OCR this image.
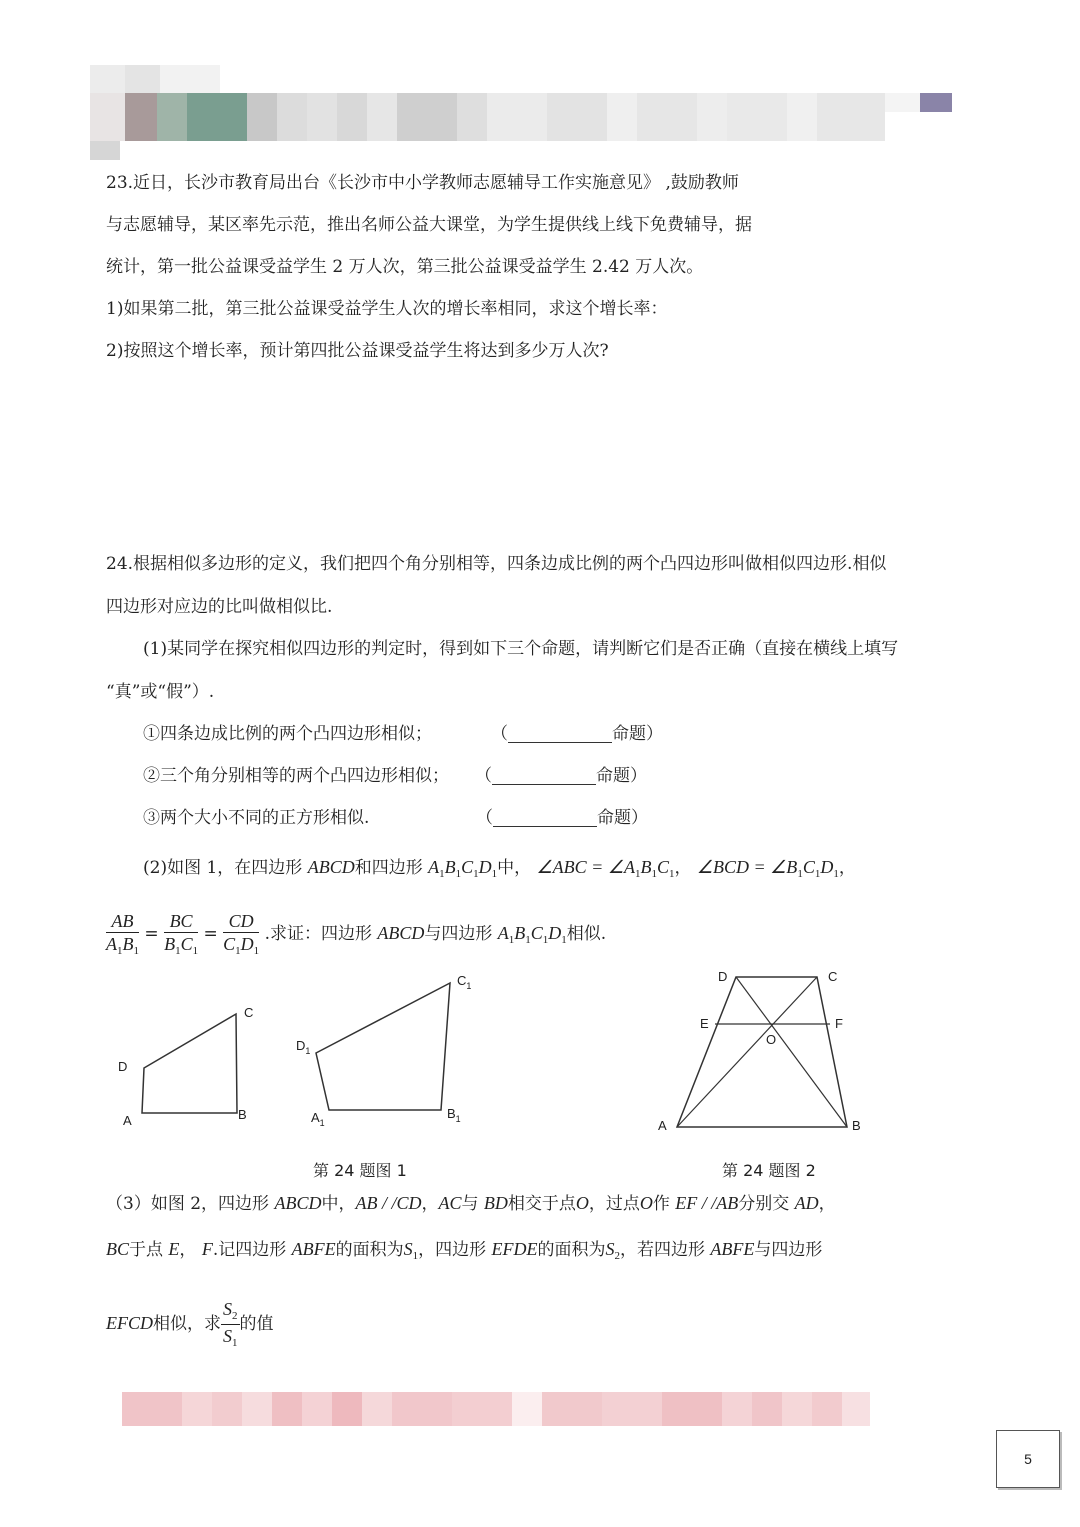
23.近日，长沙市教育局出台《长沙市中小学教师志愿辅导工作实施意见》 ,鼓励教师
与志愿辅导，某区率先示范，推出名师公益大课堂，为学生提供线上线下免费辅导，据
统计，第一批公益课受益学生 2 万人次，第三批公益课受益学生 2.42 万人次。
1)如果第二批，第三批公益课受益学生人次的增长率相同，求这个增长率：
2)按照这个增长率，预计第四批公益课受益学生将达到多少万人次?
24.根据相似多边形的定义，我们把四个角分别相等，四条边成比例的两个凸四边形叫做相似四边形.相似
四边形对应边的比叫做相似比.
(1)某同学在探究相似四边形的判定时，得到如下三个命题，请判断它们是否正确（直接在横线上填写
“真”或“假”）.
①四条边成比例的两个凸四边形相似；	（	命题）
②三个角分别相等的两个凸四边形相似； （	命题）
③两个大小不同的正方形相似.	（	命题）
(2)如图 1，在四边形 ABCD和四边形 $A_1B_1C_1D_1$中， ∠ABC = $\angle A_1B_1C_1$， ∠BCD = $\angle B_1C_1D_1$，
$\frac{AB}{A_1B_1} = \frac{BC}{B_1C_1} = \frac{CD}{C_1D_1}$ .求证：四边形 ABCD与四边形 $A_1B_1C_1D_1$相似.
D
A	B
C
$D_1$
$A_1$
$B_1$
$C_1$
D	C
E	F
O
A	B
第 24 题图 1	第 24 题图 2
（3）如图 2，四边形 ABCD中，AB / /CD，AC与 BD相交于点O，过点O作 EF / /AB分别交 AD，
BC于点 E， F.记四边形 ABFE的面积为$S_1$，四边形 EFDE的面积为$S_2$，若四边形 ABFE与四边形
EFCD相似，求 $\frac{S_2}{S_1}$ 的值
5
